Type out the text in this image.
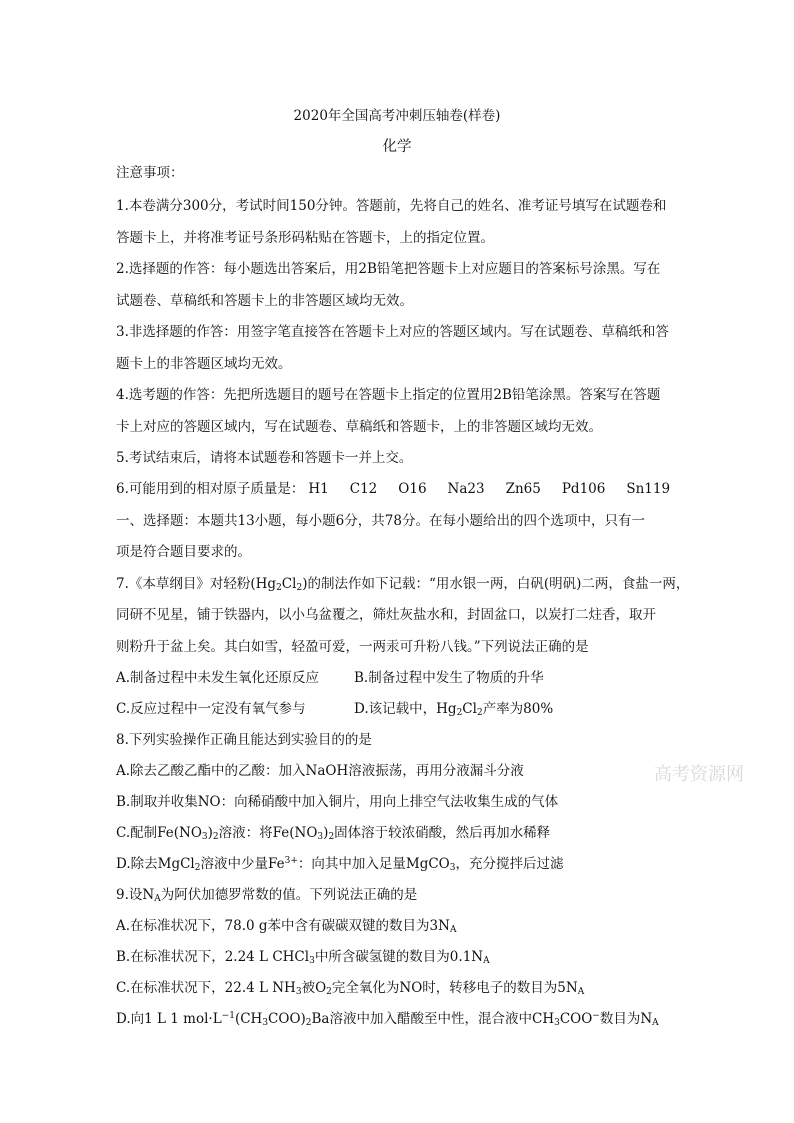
2020年全国高考冲刺压轴卷(样卷)
化学
注意事项：
1.本卷满分300分，考试时间150分钟。答题前，先将自己的姓名、准考证号填写在试题卷和
答题卡上，并将准考证号条形码粘贴在答题卡，上的指定位置。
2.选择题的作答：每小题选出答案后，用2B铅笔把答题卡上对应题目的答案标号涂黑。写在
试题卷、草稿纸和答题卡上的非答题区域均无效。
3.非选择题的作答：用签字笔直接答在答题卡上对应的答题区域内。写在试题卷、草稿纸和答
题卡上的非答题区域均无效。
4.选考题的作答：先把所选题目的题号在答题卡上指定的位置用2B铅笔涂黑。答案写在答题
卡上对应的答题区域内，写在试题卷、草稿纸和答题卡，上的非答题区域均无效。
5.考试结束后，请将本试题卷和答题卡一并上交。
6.可能用到的相对原子质量是： H1 C12 O16 Na23 Zn65 Pd106 Sn119
一、选择题：本题共13小题，每小题6分，共78分。在每小题给出的四个选项中，只有一
项是符合题目要求的。
7.《本草纲目》对轻粉$(Hg_2Cl_2)$的制法作如下记载：“用水银一两，白矾(明矾)二两，食盐一两，
同研不见星，铺于铁器内，以小乌盆覆之，筛灶灰盐水和，封固盆口，以炭打二炷香，取开
则粉升于盆上矣。其白如雪，轻盈可爱，一两汞可升粉八钱。”下列说法正确的是
A.制备过程中未发生氧化还原反应	B.制备过程中发生了物质的升华
C.反应过程中一定没有氧气参与	D.该记载中，$Hg_2Cl_2$产率为80%
8.下列实验操作正确且能达到实验目的的是
A.除去乙酸乙酯中的乙酸：加入NaOH溶液振荡，再用分液漏斗分液
B.制取并收集NO：向稀硝酸中加入铜片，用向上排空气法收集生成的气体
C.配制$Fe(NO_3)_2$溶液：将$Fe(NO_3)_2$固体溶于较浓硝酸，然后再加水稀释
D.除去MgCl$_2$溶液中少量$Fe^{3+}$：向其中加入足量MgCO$_3$，充分搅拌后过滤
9.设$N_A$为阿伏加德罗常数的值。下列说法正确的是
A.在标准状况下，78.0 g苯中含有碳碳双键的数目为$3N_A$
B.在标准状况下，2.24 L CHCl$_3$中所含碳氢键的数目为$0.1N_A$
C.在标准状况下，22.4 L $NH_3$被$O_2$完全氧化为NO时，转移电子的数目为$5N_A$
D.向1 L 1 $mol\cdot L^{-1}(CH_3COO)_2Ba$溶液中加入醋酸至中性，混合液中$CH_3COO^-$数目为$N_A$
高考资源网
